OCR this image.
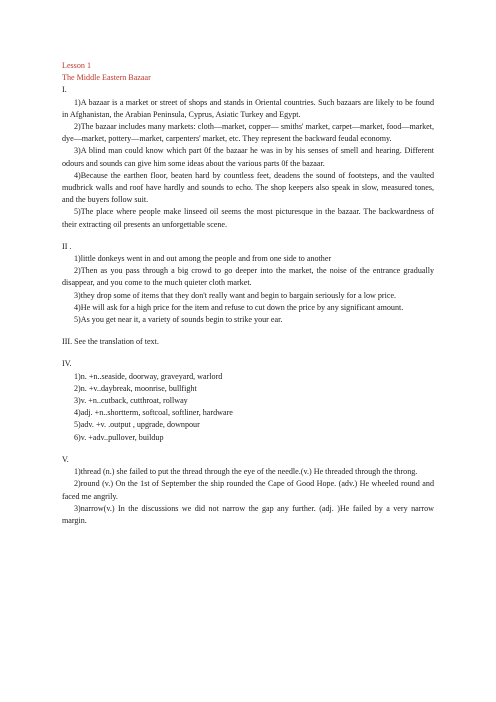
Lesson 1

The Middle Eastern Bazaar

I.

1)A bazaar is a market or street of shops and stands in Oriental countries. Such bazaars are likely to be found in Afghanistan, the Arabian Peninsula, Cyprus, Asiatic Turkey and Egypt.

2)The bazaar includes many markets: cloth—market, copper— smiths' market, carpet—market, food—market, dye—market, pottery—market, carpenters' market, etc. They represent the backward feudal economy.

3)A blind man could know which part 0f the bazaar he was in by his senses of smell and hearing. Different odours and sounds can give him some ideas about the various parts 0f the bazaar.

4)Because the earthen floor, beaten hard by countless feet, deadens the sound of footsteps, and the vaulted mudbrick walls and roof have hardly and sounds to echo. The shop keepers also speak in slow, measured tones, and the buyers follow suit.

5)The place where people make linseed oil seems the most picturesque in the bazaar. The backwardness of their extracting oil presents an unforgettable scene.

II .

1)little donkeys went in and out among the people and from one side to another

2)Then as you pass through a big crowd to go deeper into the market, the noise of the entrance gradually disappear, and you come to the much quieter cloth market.

3)they drop some of items that they don't really want and begin to bargain seriously for a low price.

4)He will ask for a high price for the item and refuse to cut down the price by any significant amount.

5)As you get near it, a variety of sounds begin to strike your ear.

III. See the translation of text.

IV.

1)n. +n..seaside, doorway, graveyard, warlord

2)n. +v..daybreak, moonrise, bullfight

3)v. +n..cutback, cutthroat, rollway

4)adj. +n..shortterm, softcoal, softliner, hardware

5)adv. +v. .output , upgrade, downpour

6)v. +adv..pullover, buildup

V.

1)thread (n.) she failed to put the thread through the eye of the needle.(v.) He threaded through the throng.

2)round (v.) On the 1st of September the ship rounded the Cape of Good Hope. (adv.) He wheeled round and faced me angrily.

3)narrow(v.) In the discussions we did not narrow the gap any further. (adj. )He failed by a very narrow margin.
